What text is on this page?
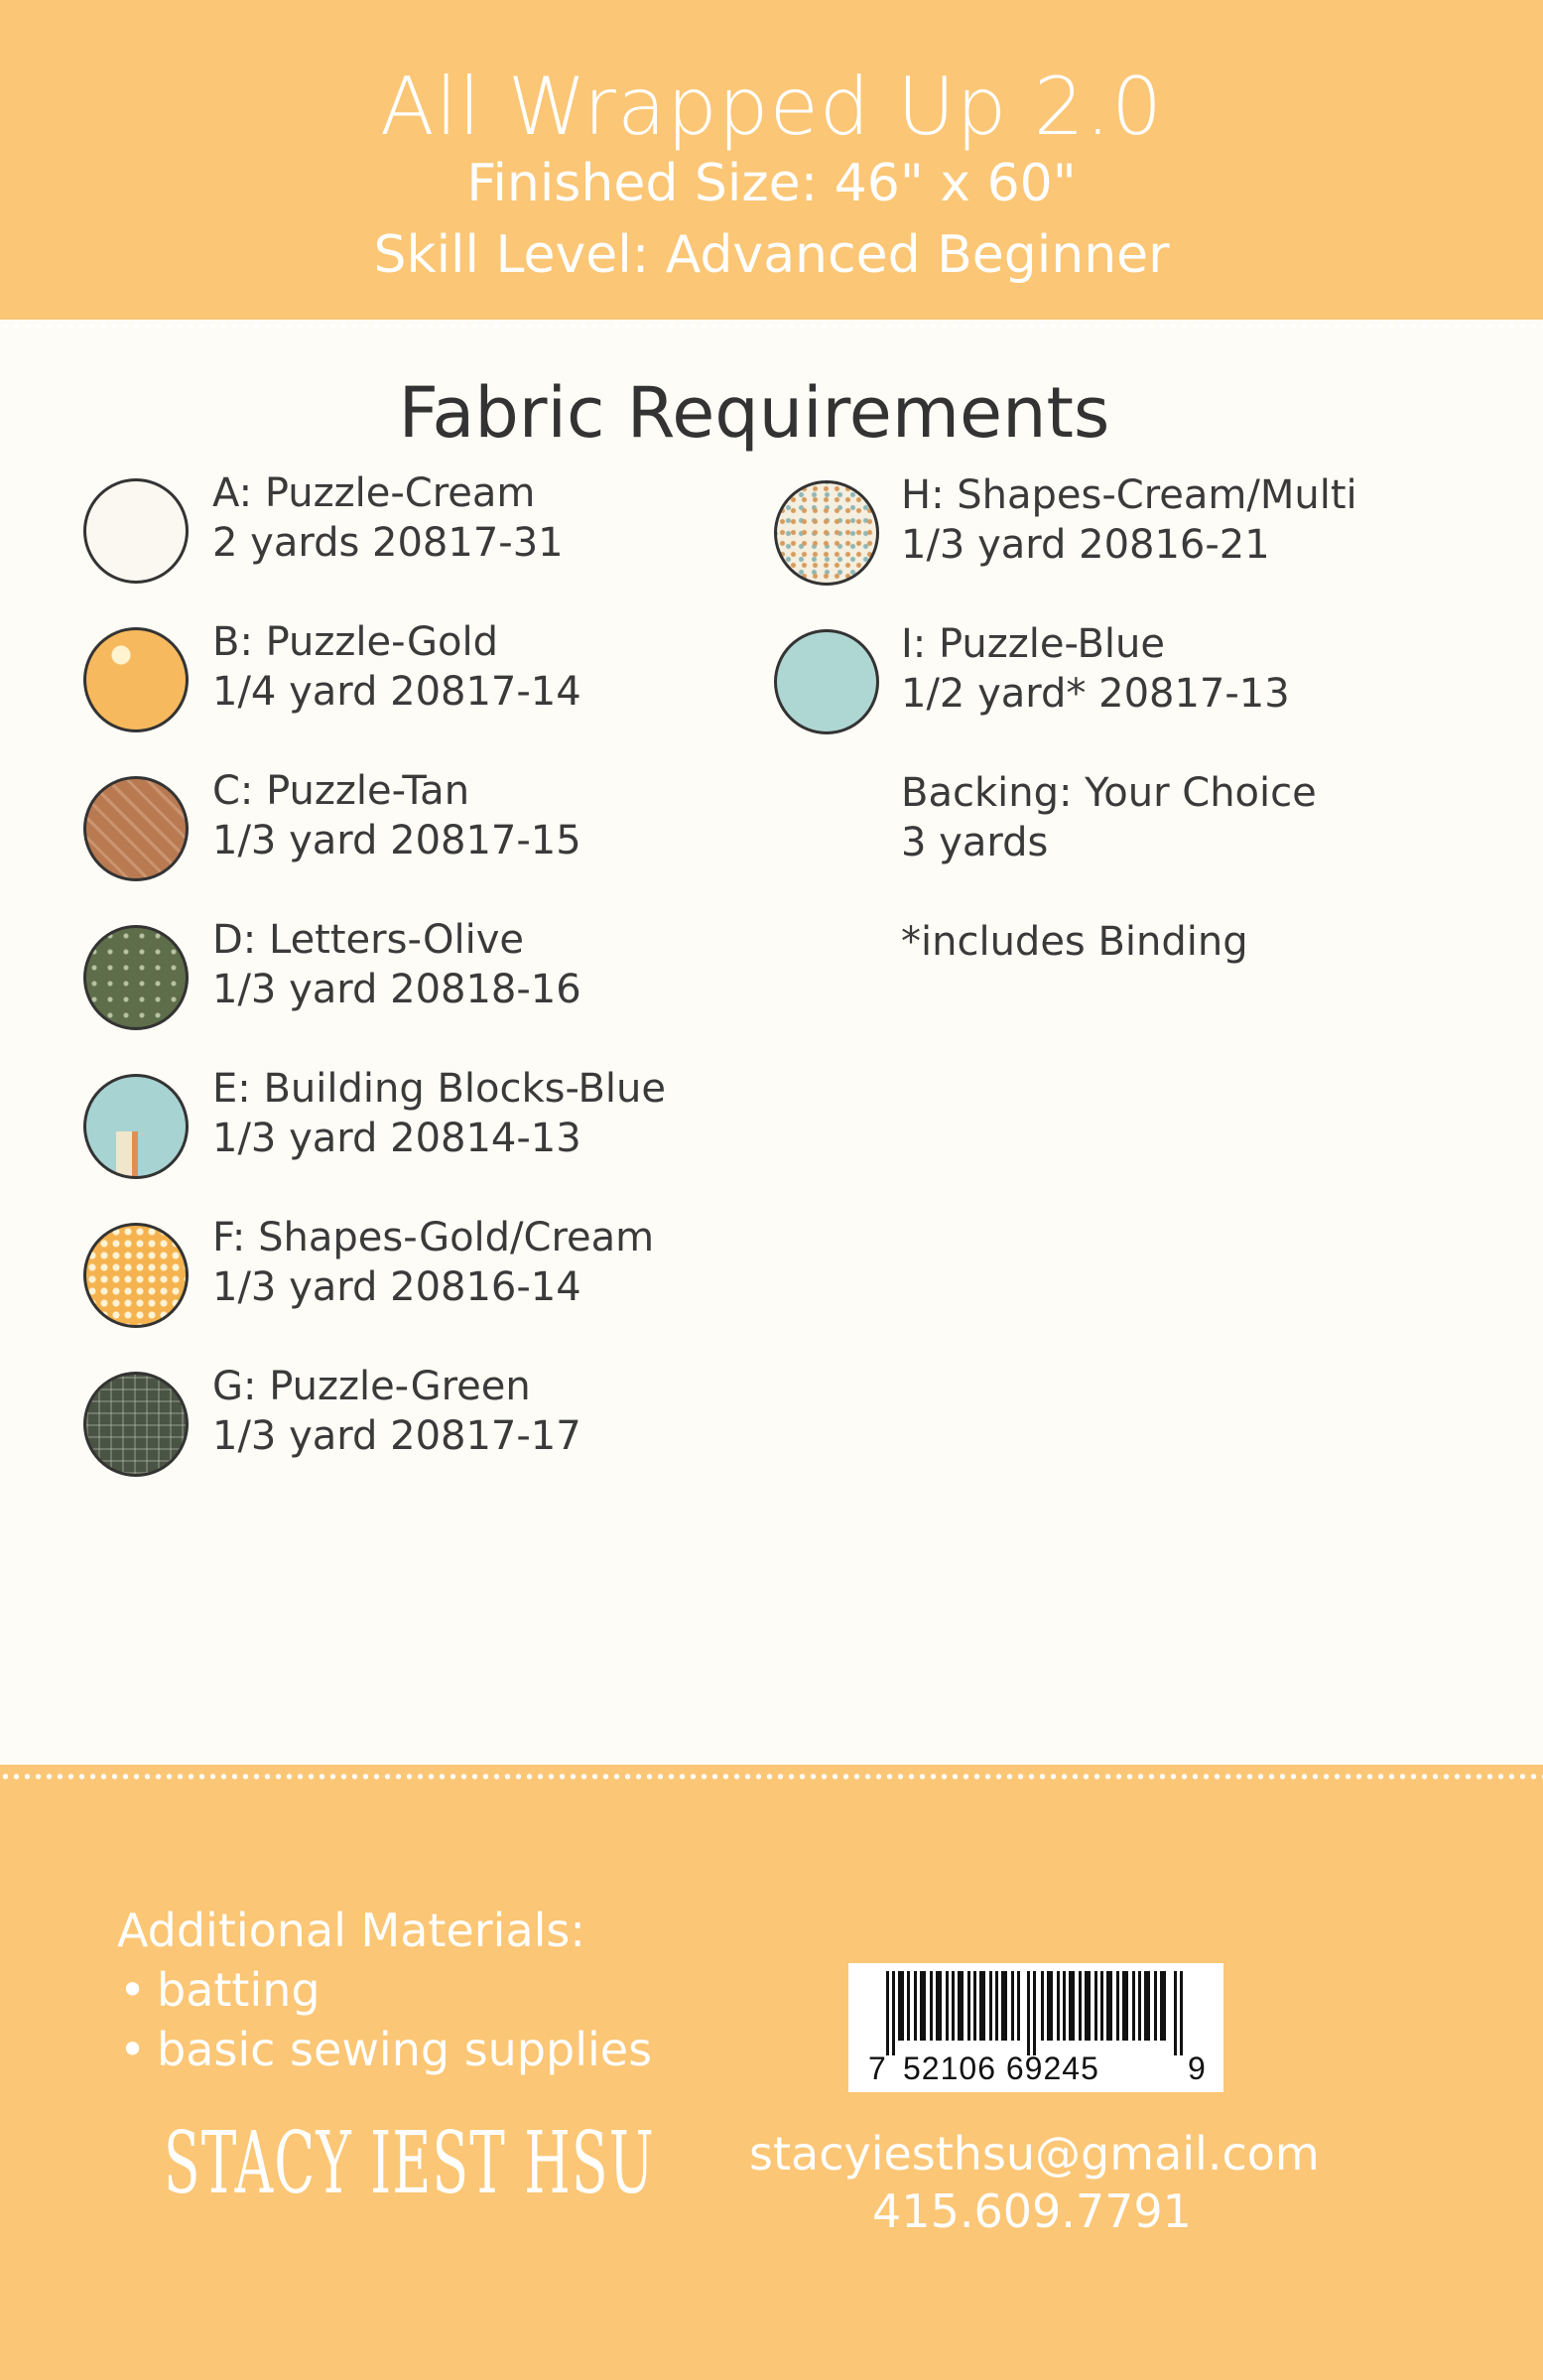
All Wrapped Up 2.0
Finished Size: 46" x 60"
Skill Level: Advanced Beginner
Fabric Requirements
A: Puzzle-Cream
2 yards 20817-31
B: Puzzle-Gold
1/4 yard 20817-14
C: Puzzle-Tan
1/3 yard 20817-15
D: Letters-Olive
1/3 yard 20818-16
E: Building Blocks-Blue
1/3 yard 20814-13
F: Shapes-Gold/Cream
1/3 yard 20816-14
G: Puzzle-Green
1/3 yard 20817-17
H: Shapes-Cream/Multi
1/3 yard 20816-21
I: Puzzle-Blue
1/2 yard* 20817-13
Backing: Your Choice
3 yards
*includes Binding
Additional Materials:
• batting
• basic sewing supplies
STACY IEST HSU
7 52106 69245	9
stacyiesthsu@gmail.com
415.609.7791
